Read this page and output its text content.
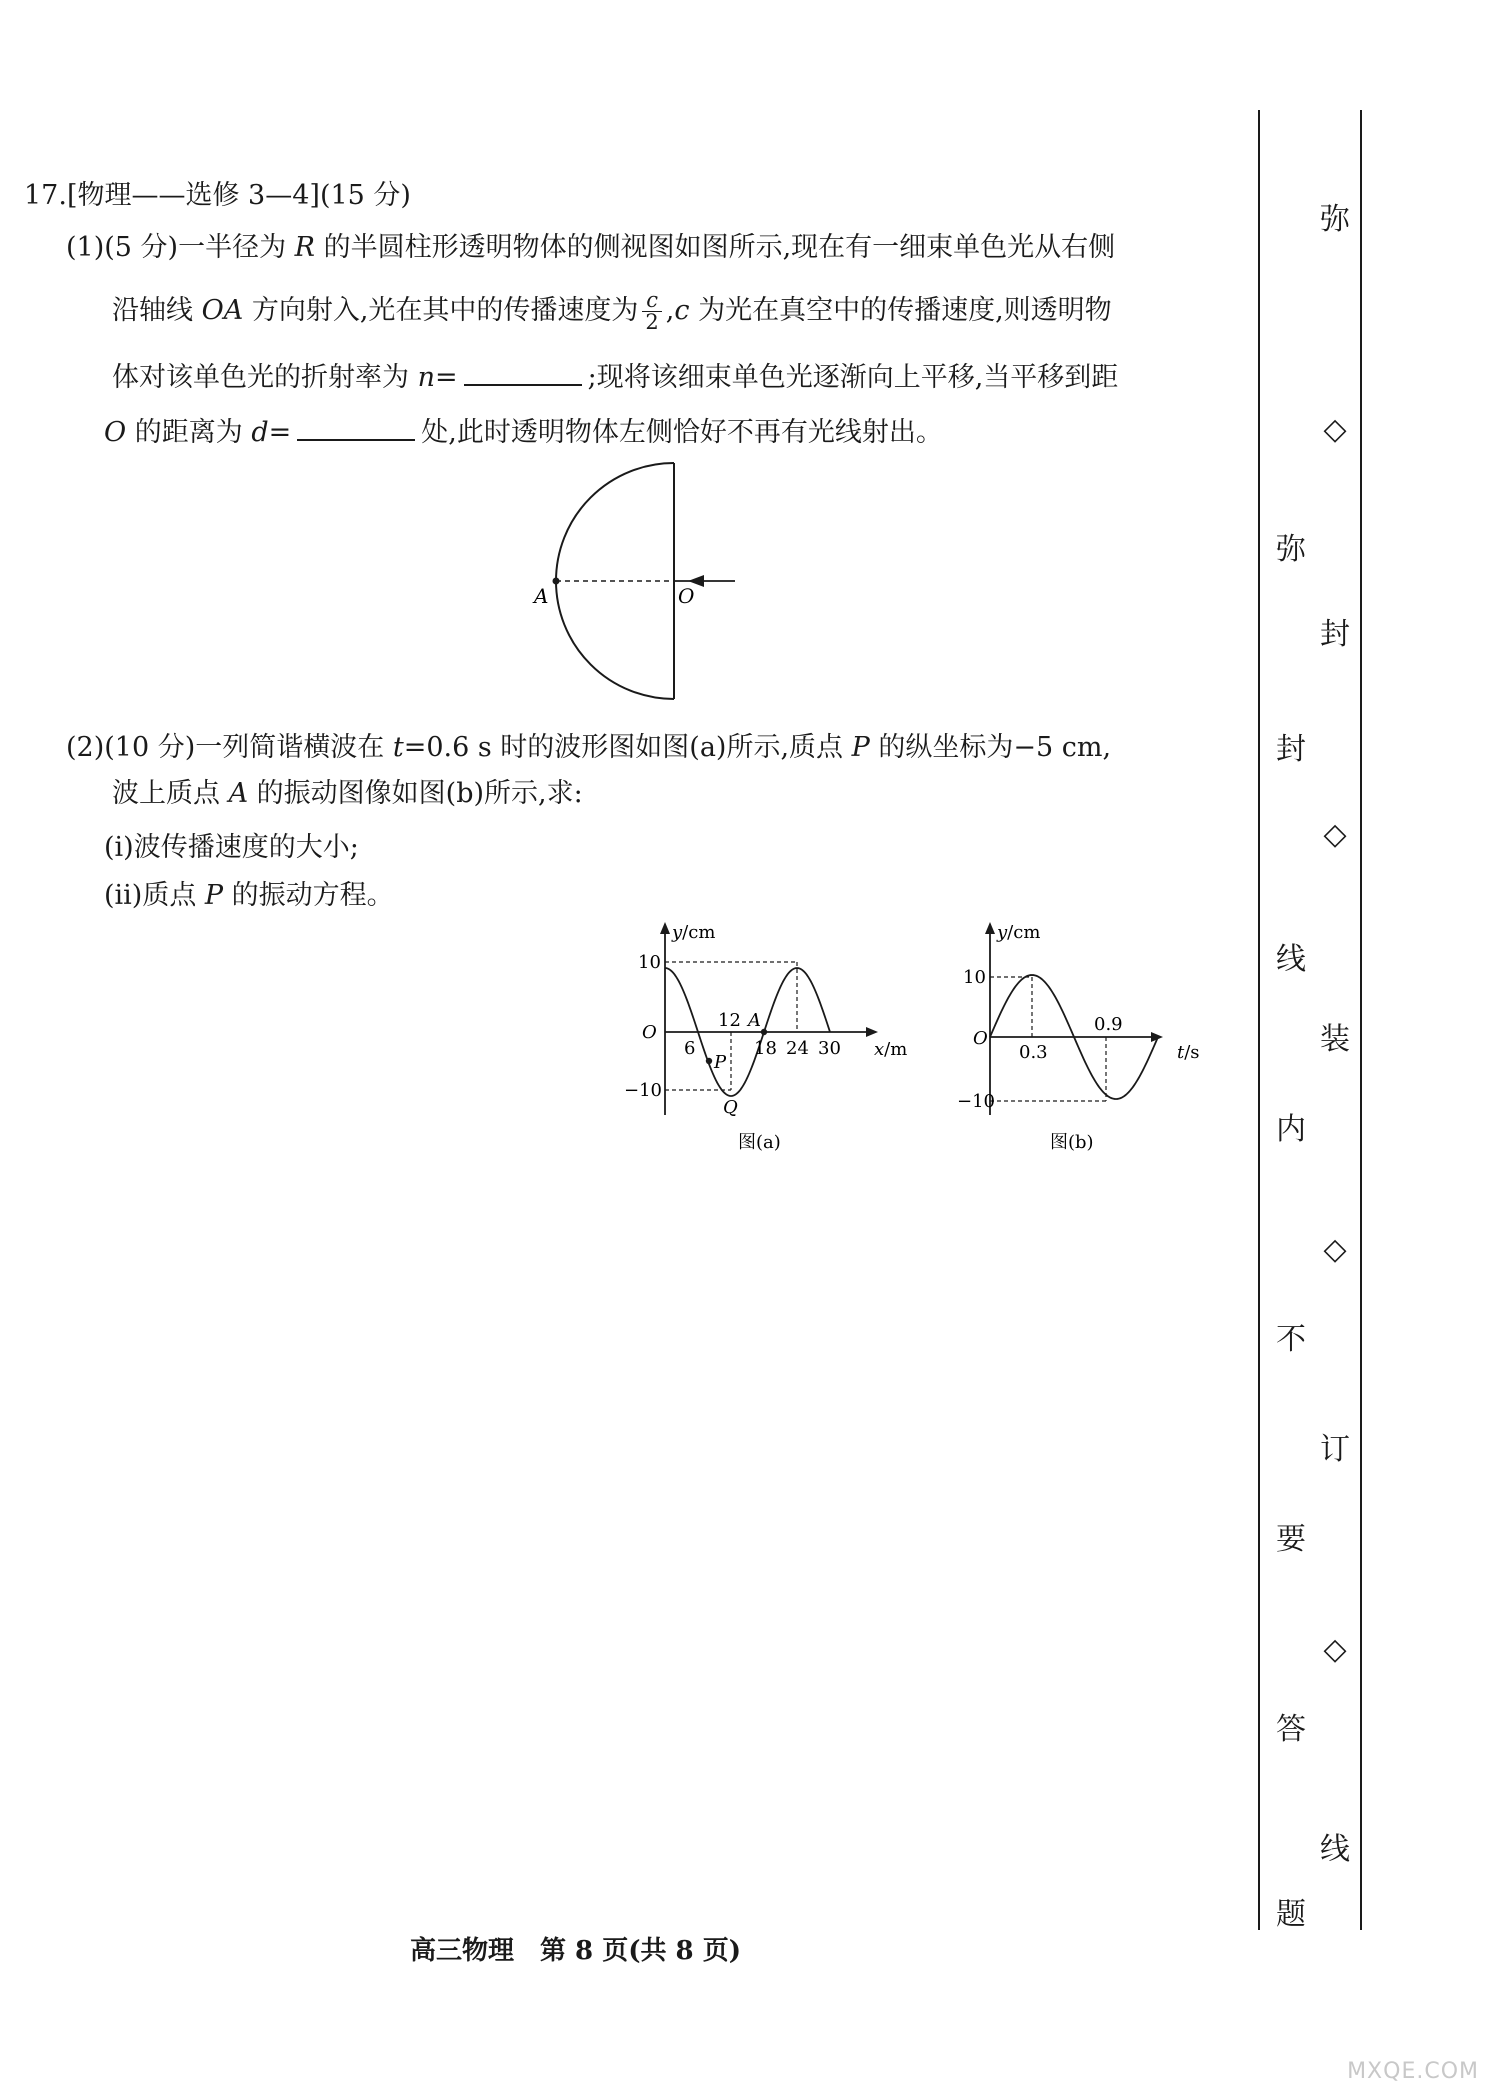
17.[物理——选修 3—4](15 分)
(1)(5 分)一半径为 R 的半圆柱形透明物体的侧视图如图所示,现在有一细束单色光从右侧
沿轴线 OA 方向射入,光在其中的传播速度为 $\frac{c}{2} ,c$ 为光在真空中的传播速度,则透明物
体对该单色光的折射率为 n=	;现将该细束单色光逐渐向上平移,当平移到距
O 的距离为 d=	处,此时透明物体左侧恰好不再有光线射出。
A	O
(2)(10 分)一列简谐横波在 t=0.6 s 时的波形图如图(a)所示,质点 P 的纵坐标为−5 cm,
波上质点 A 的振动图像如图(b)所示,求:
(i)波传播速度的大小;
(ii)质点 P 的振动方程。
y/cm
x/m
O
10
−10
6
12
18 24 30
P
Q
A
图(a)
y/cm
t/s
O
10
−10
0.3
0.9
图(b)
高三物理　第 8 页(共 8 页)
弥
封
线
内
不
要
答
题
弥
◇
封
◇
装
◇
订
◇
线
MXQE.COM
